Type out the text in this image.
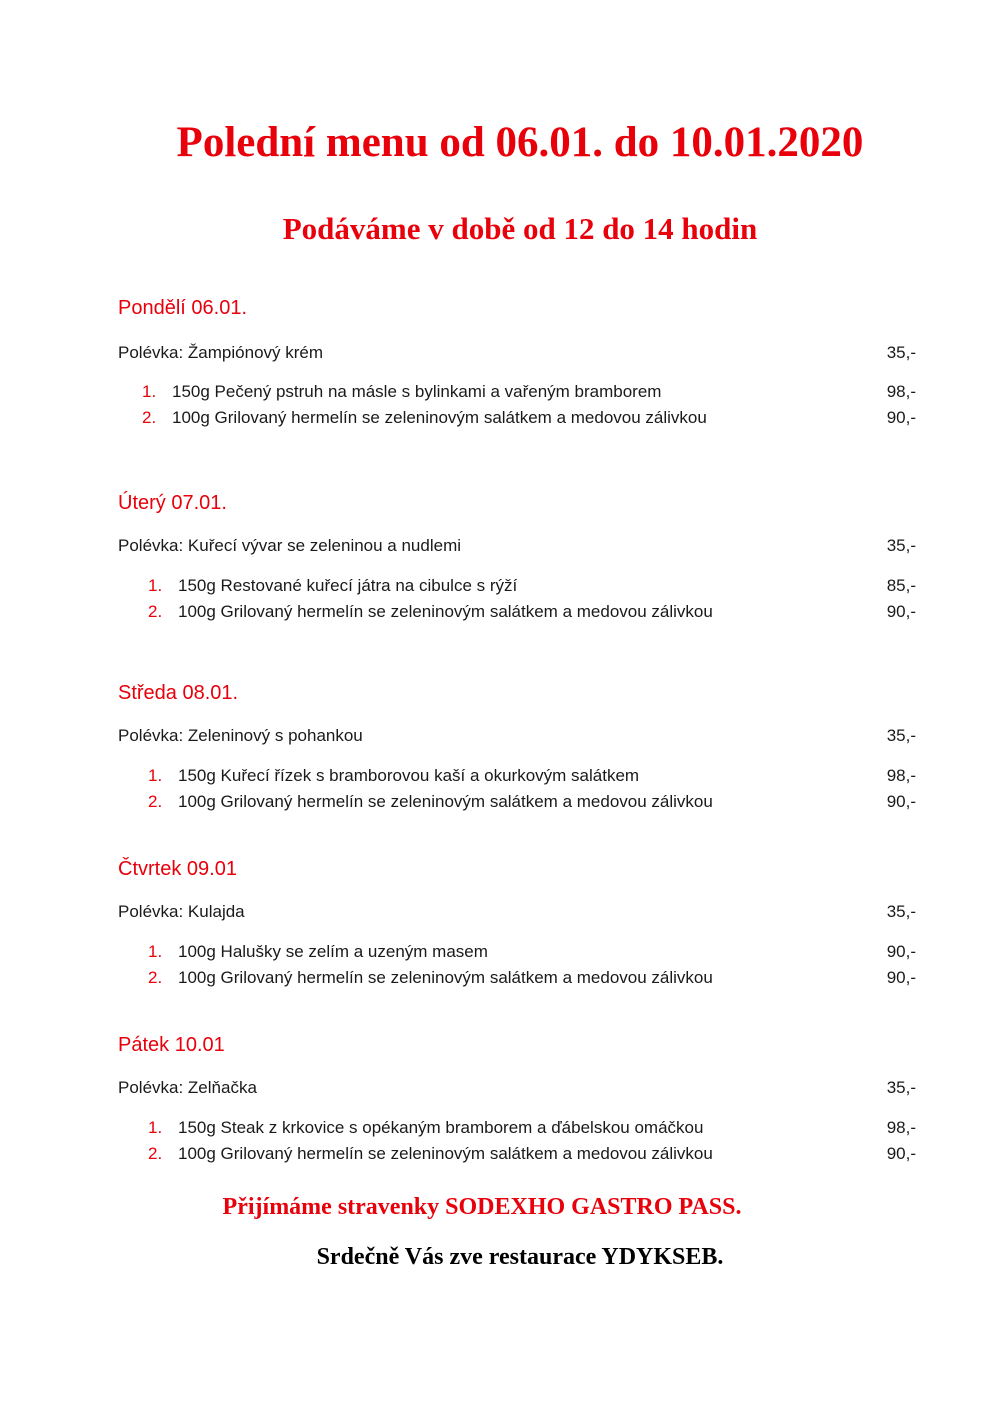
Polední menu od 06.01. do 10.01.2020
Podáváme v době od 12 do 14 hodin
Pondělí 06.01.
Polévka: Žampiónový krém	35,-
1. 150g Pečený pstruh na másle s bylinkami a vařeným bramborem	98,-
2. 100g Grilovaný hermelín se zeleninovým salátkem a medovou zálivkou	90,-
Úterý 07.01.
Polévka: Kuřecí vývar se zeleninou a nudlemi	35,-
1. 150g Restované kuřecí játra na cibulce s rýží	85,-
2. 100g Grilovaný hermelín se zeleninovým salátkem a medovou zálivkou	90,-
Středa 08.01.
Polévka: Zeleninový s pohankou	35,-
1. 150g Kuřecí řízek s bramborovou kaší a okurkovým salátkem	98,-
2. 100g Grilovaný hermelín se zeleninovým salátkem a medovou zálivkou	90,-
Čtvrtek 09.01
Polévka: Kulajda	35,-
1. 100g Halušky se zelím a uzeným masem	90,-
2. 100g Grilovaný hermelín se zeleninovým salátkem a medovou zálivkou	90,-
Pátek 10.01
Polévka: Zelňačka	35,-
1. 150g Steak z krkovice s opékaným bramborem a ďábelskou omáčkou	98,-
2. 100g Grilovaný hermelín se zeleninovým salátkem a medovou zálivkou	90,-

Přijímáme stravenky SODEXHO GASTRO PASS.

Srdečně Vás zve restaurace YDYKSEB.
